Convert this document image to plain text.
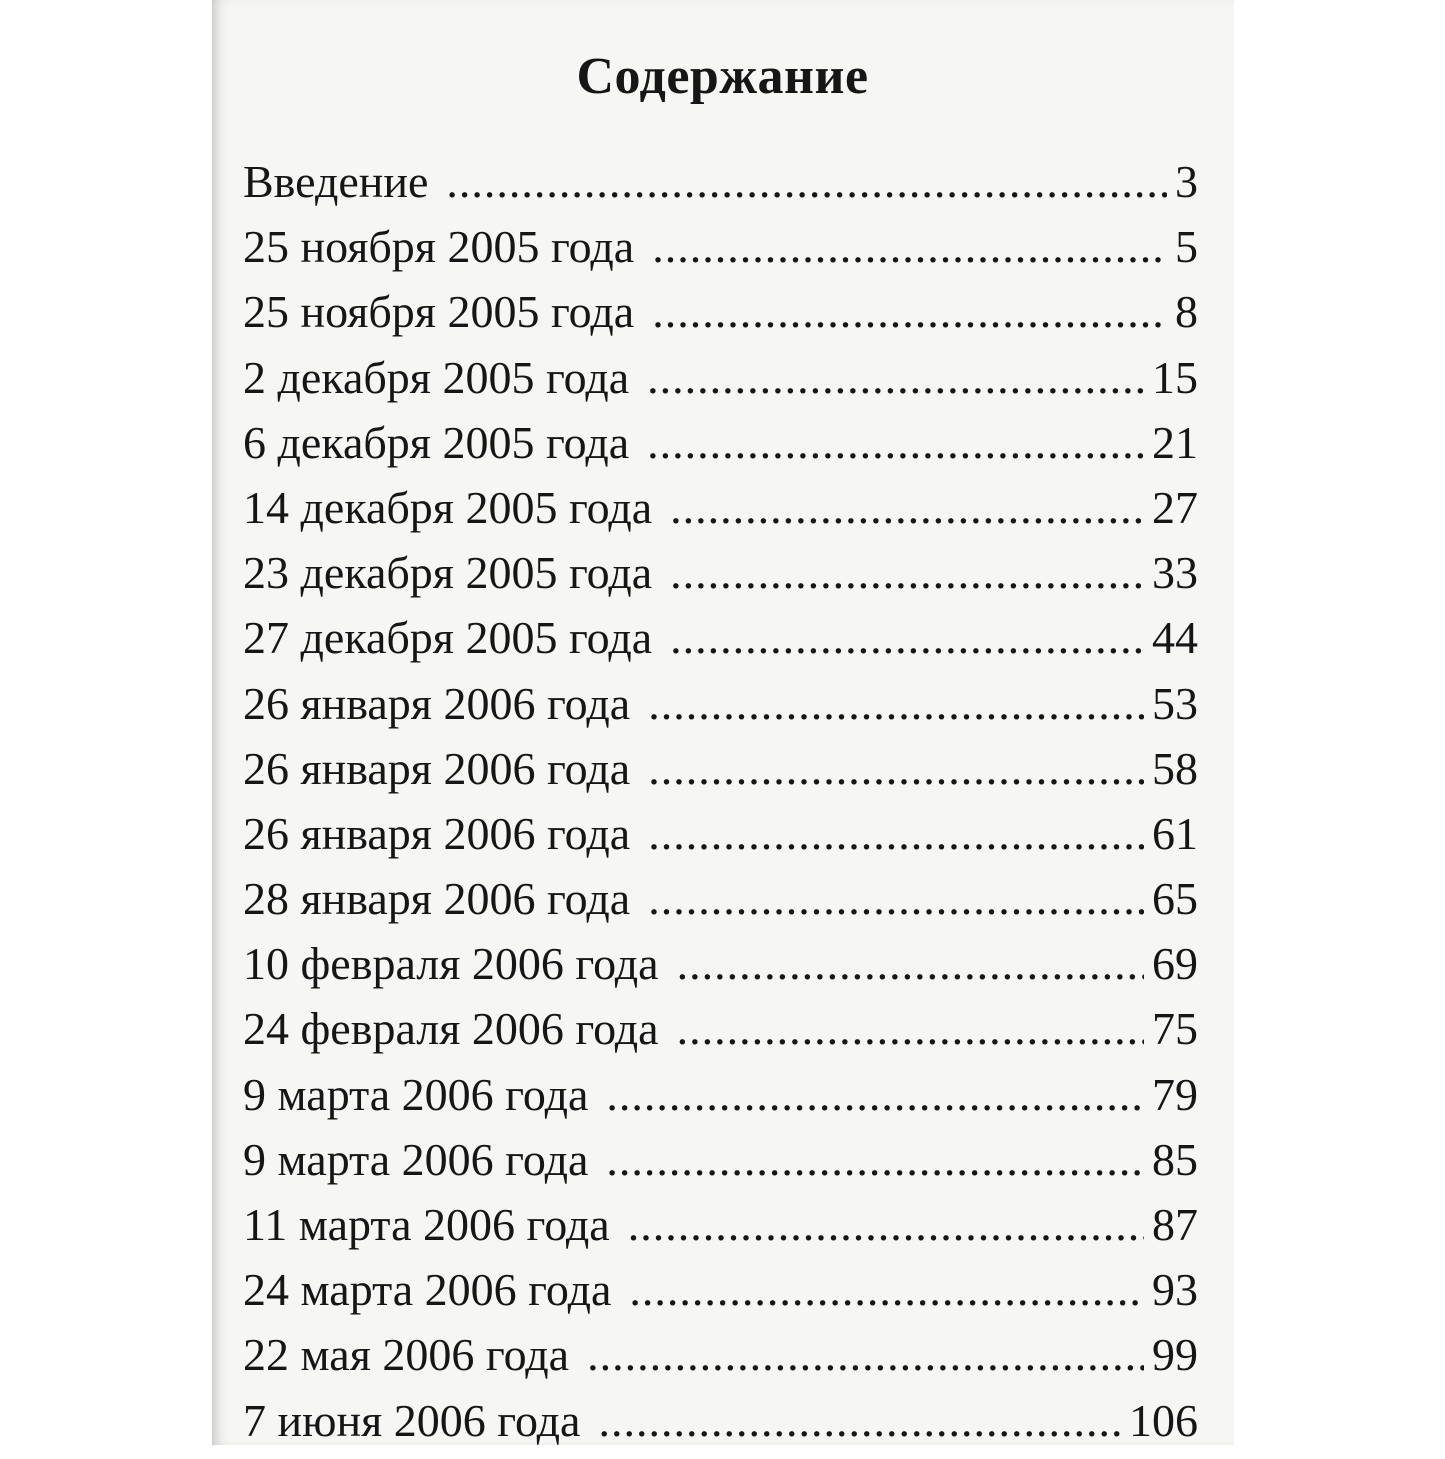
Содержание
Введение .....	3
25 ноября 2005 года .....	5
25 ноября 2005 года .....	8
2 декабря 2005 года .....	15
6 декабря 2005 года .....	21
14 декабря 2005 года .....	27
23 декабря 2005 года .....	33
27 декабря 2005 года .....	44
26 января 2006 года .....	53
26 января 2006 года .....	58
26 января 2006 года .....	61
28 января 2006 года .....	65
10 февраля 2006 года .....	69
24 февраля 2006 года .....	75
9 марта 2006 года .....	79
9 марта 2006 года .....	85
11 марта 2006 года .....	87
24 марта 2006 года .....	93
22 мая 2006 года .....	99
7 июня 2006 года .....	106
